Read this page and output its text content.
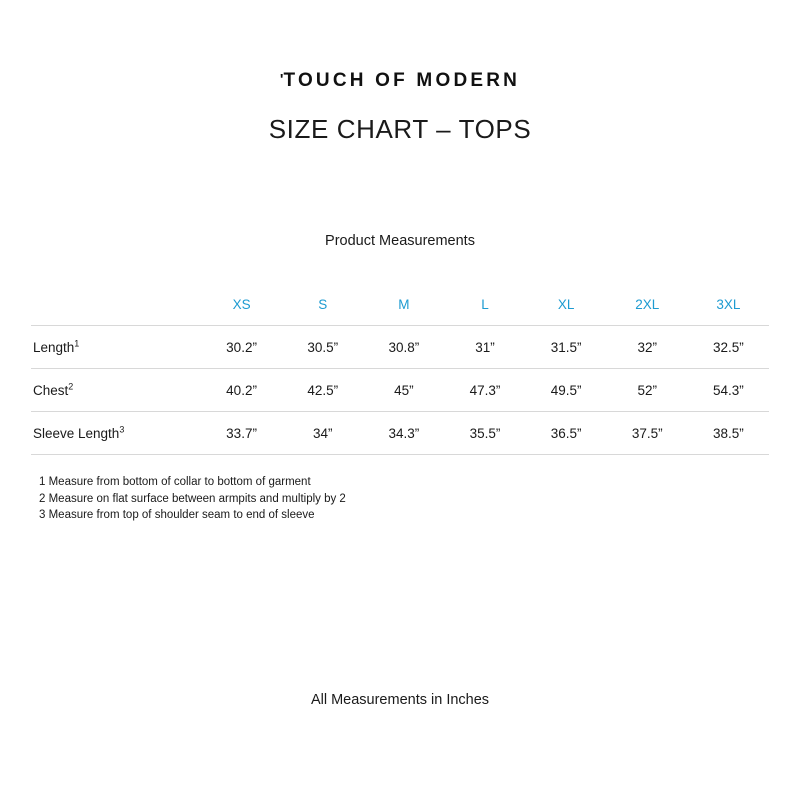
'TOUCH OF MODERN
SIZE CHART – TOPS
Product Measurements
	XS	S	M	L	XL	2XL	3XL
Length$^1$	30.2”	30.5”	30.8”	31”	31.5”	32”	32.5”
Chest$^2$	40.2”	42.5”	45”	47.3”	49.5”	52”	54.3”
Sleeve Length$^3$	33.7”	34”	34.3”	35.5”	36.5”	37.5”	38.5”
1 Measure from bottom of collar to bottom of garment
2 Measure on flat surface between armpits and multiply by 2
3 Measure from top of shoulder seam to end of sleeve
All Measurements in Inches
